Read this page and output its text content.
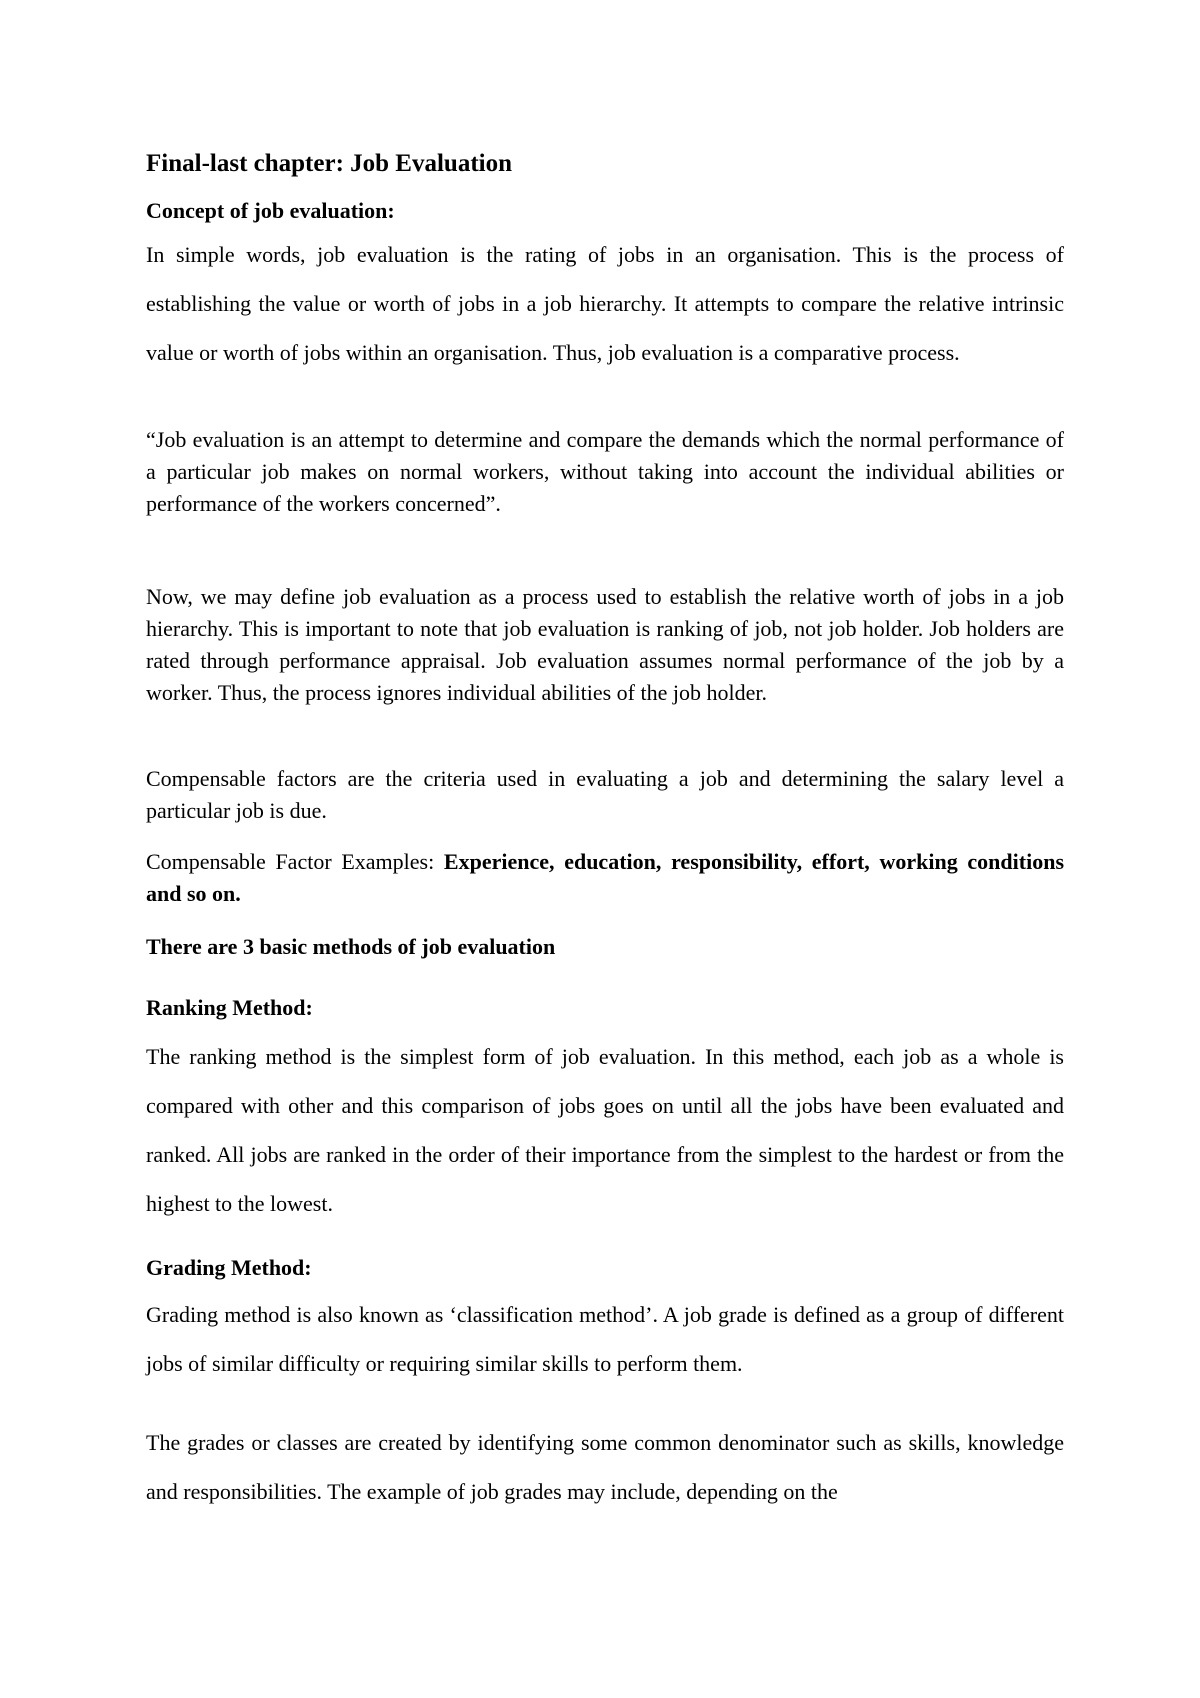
Final-last chapter: Job Evaluation

Concept of job evaluation:

In simple words, job evaluation is the rating of jobs in an organisation. This is the process of establishing the value or worth of jobs in a job hierarchy. It attempts to compare the relative intrinsic value or worth of jobs within an organisation. Thus, job evaluation is a comparative process.

“Job evaluation is an attempt to determine and compare the demands which the normal performance of a particular job makes on normal workers, without taking into account the individual abilities or performance of the workers concerned”.

Now, we may define job evaluation as a process used to establish the relative worth of jobs in a job hierarchy. This is important to note that job evaluation is ranking of job, not job holder. Job holders are rated through performance appraisal. Job evaluation assumes normal performance of the job by a worker. Thus, the process ignores individual abilities of the job holder.

Compensable factors are the criteria used in evaluating a job and determining the salary level a particular job is due.

Compensable Factor Examples: Experience, education, responsibility, effort, working conditions and so on.

There are 3 basic methods of job evaluation

Ranking Method:

The ranking method is the simplest form of job evaluation. In this method, each job as a whole is compared with other and this comparison of jobs goes on until all the jobs have been evaluated and ranked. All jobs are ranked in the order of their importance from the simplest to the hardest or from the highest to the lowest.

Grading Method:

Grading method is also known as ‘classification method’. A job grade is defined as a group of different jobs of similar difficulty or requiring similar skills to perform them.

The grades or classes are created by identifying some common denominator such as skills, knowledge and responsibilities. The example of job grades may include, depending on the
